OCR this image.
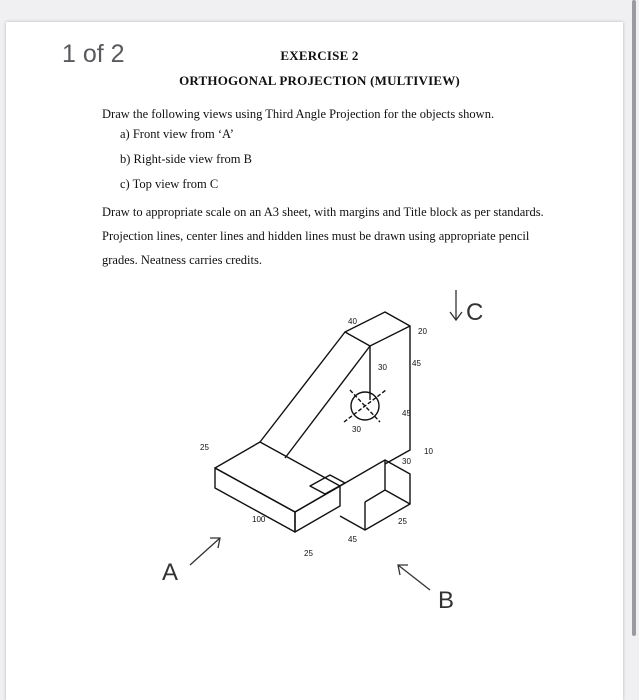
1 of 2	EXERCISE 2
ORTHOGONAL PROJECTION (MULTIVIEW)
Draw the following views using Third Angle Projection for the objects shown.
a) Front view from ‘A’
b) Right-side view from B
c) Top view from C
Draw to appropriate scale on an A3 sheet, with margins and Title block as per standards. Projection lines, center lines and hidden lines must be drawn using appropriate pencil grades. Neatness carries credits.
A
B
C
40
20
30	45
45
30
30
10
25
100
45
25
25
